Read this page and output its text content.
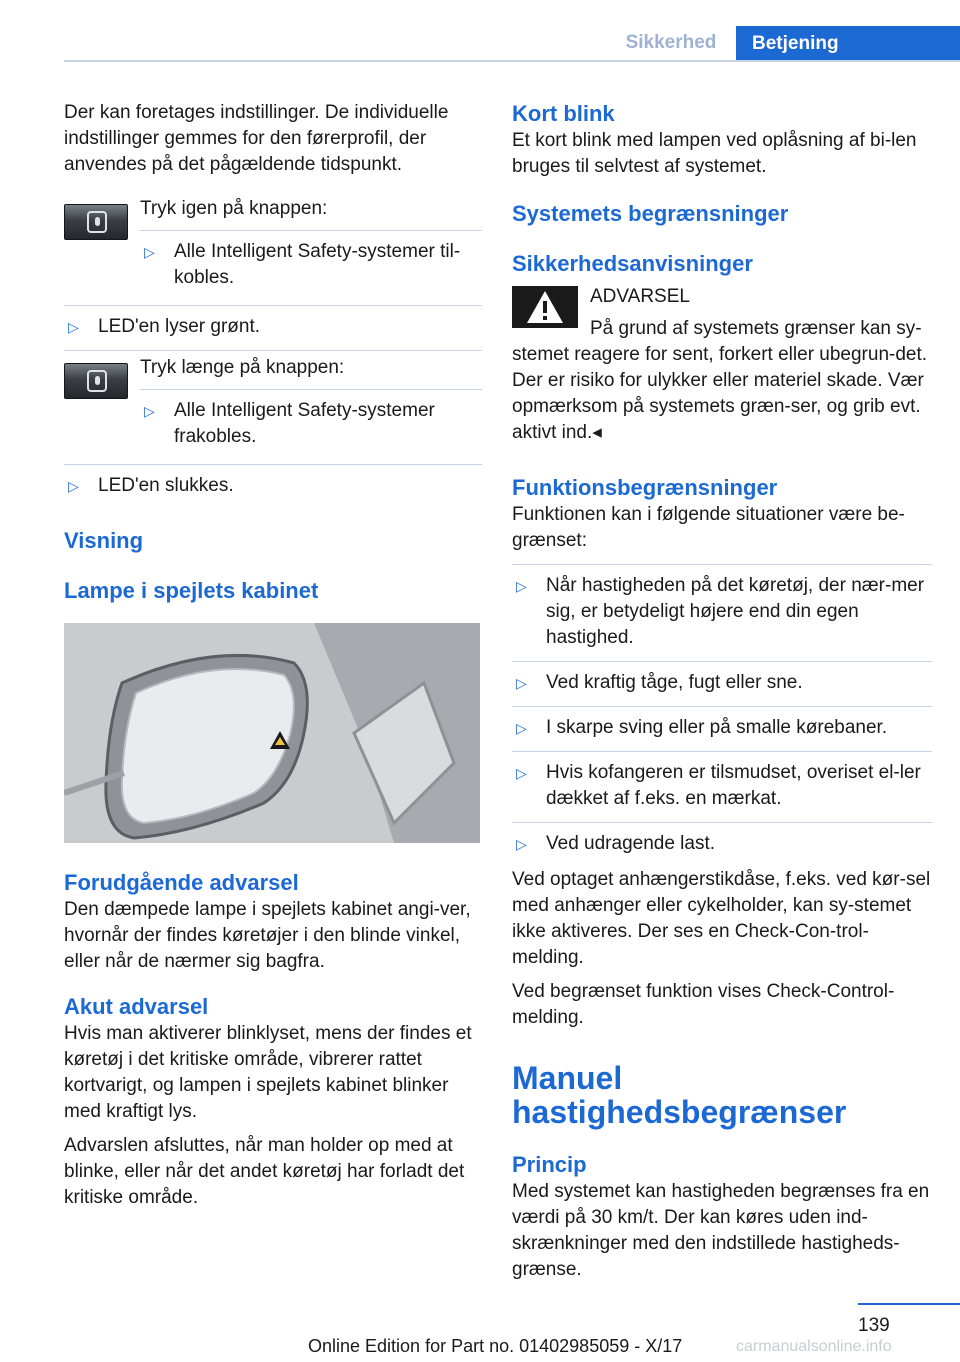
Sikkerhed	Betjening

Der kan foretages indstillinger. De individuelle indstillinger gemmes for den førerprofil, der anvendes på det pågældende tidspunkt.

Tryk igen på knappen:
▷	Alle Intelligent Safety-systemer til-kobles.
▷	LED'en lyser grønt.
Tryk længe på knappen:
▷	Alle Intelligent Safety-systemer frakobles.
▷	LED'en slukkes.
Visning
Lampe i spejlets kabinet
Forudgående advarsel

Den dæmpede lampe i spejlets kabinet angi-ver, hvornår der findes køretøjer i den blinde vinkel, eller når de nærmer sig bagfra.

Akut advarsel

Hvis man aktiverer blinklyset, mens der findes et køretøj i det kritiske område, vibrerer rattet kortvarigt, og lampen i spejlets kabinet blinker med kraftigt lys.

Advarslen afsluttes, når man holder op med at blinke, eller når det andet køretøj har forladt det kritiske område.

Kort blink

Et kort blink med lampen ved oplåsning af bi-len bruges til selvtest af systemet.

Systemets begrænsninger
Sikkerhedsanvisninger
ADVARSEL
På grund af systemets grænser kan sy-

stemet reagere for sent, forkert eller ubegrun-det. Der er risiko for ulykker eller materiel skade. Vær opmærksom på systemets græn-ser, og grib evt. aktivt ind.◂

Funktionsbegrænsninger

Funktionen kan i følgende situationer være be-grænset:

▷	Når hastigheden på det køretøj, der nær-mer sig, er betydeligt højere end din egen hastighed.
▷	Ved kraftig tåge, fugt eller sne.
▷	I skarpe sving eller på smalle kørebaner.
▷	Hvis kofangeren er tilsmudset, overiset el-ler dækket af f.eks. en mærkat.
▷	Ved udragende last.

Ved optaget anhængerstikdåse, f.eks. ved kør-sel med anhænger eller cykelholder, kan sy-stemet ikke aktiveres. Der ses en Check-Con-trol-melding.

Ved begrænset funktion vises Check-Control-melding.

Manuel
hastighedsbegrænser
Princip

Med systemet kan hastigheden begrænses fra en værdi på 30 km/t. Der kan køres uden ind-skrænkninger med den indstillede hastigheds-grænse.

139
Online Edition for Part no. 01402985059 - X/17	carmanualsonline.info
